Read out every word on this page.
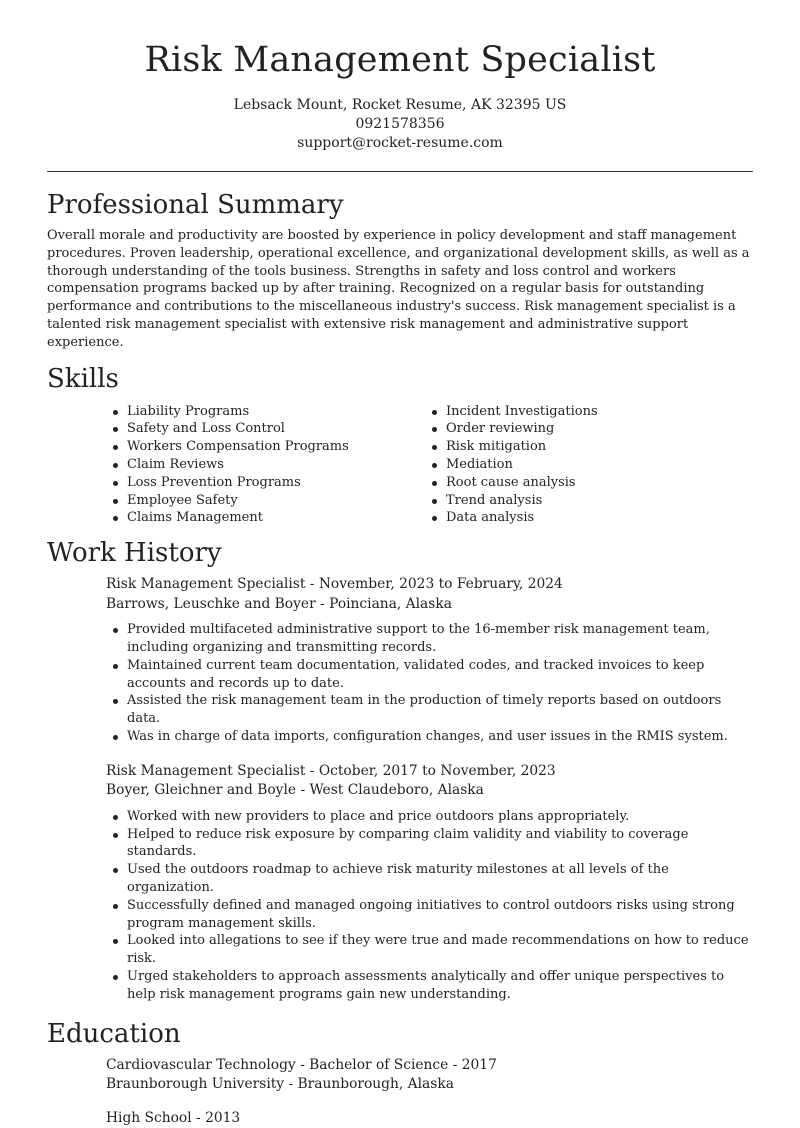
Risk Management Specialist

Lebsack Mount, Rocket Resume, AK 32395 US

0921578356

support@rocket-resume.com

Professional Summary

Overall morale and productivity are boosted by experience in policy development and staff management procedures. Proven leadership, operational excellence, and organizational development skills, as well as a thorough understanding of the tools business. Strengths in safety and loss control and workers compensation programs backed up by after training. Recognized on a regular basis for outstanding performance and contributions to the miscellaneous industry's success. Risk management specialist is a talented risk management specialist with extensive risk management and administrative support experience.

Skills
Liability Programs
Safety and Loss Control
Workers Compensation Programs
Claim Reviews
Loss Prevention Programs
Employee Safety
Claims Management
Incident Investigations
Order reviewing
Risk mitigation
Mediation
Root cause analysis
Trend analysis
Data analysis
Work History

Risk Management Specialist - November, 2023 to February, 2024

Barrows, Leuschke and Boyer - Poinciana, Alaska

Provided multifaceted administrative support to the 16-member risk management team, including organizing and transmitting records.
Maintained current team documentation, validated codes, and tracked invoices to keep accounts and records up to date.
Assisted the risk management team in the production of timely reports based on outdoors data.
Was in charge of data imports, configuration changes, and user issues in the RMIS system.

Risk Management Specialist - October, 2017 to November, 2023

Boyer, Gleichner and Boyle - West Claudeboro, Alaska

Worked with new providers to place and price outdoors plans appropriately.
Helped to reduce risk exposure by comparing claim validity and viability to coverage standards.
Used the outdoors roadmap to achieve risk maturity milestones at all levels of the organization.
Successfully defined and managed ongoing initiatives to control outdoors risks using strong program management skills.
Looked into allegations to see if they were true and made recommendations on how to reduce risk.
Urged stakeholders to approach assessments analytically and offer unique perspectives to help risk management programs gain new understanding.
Education
Cardiovascular Technology - Bachelor of Science - 2017
Braunborough University - Braunborough, Alaska
High School - 2013
